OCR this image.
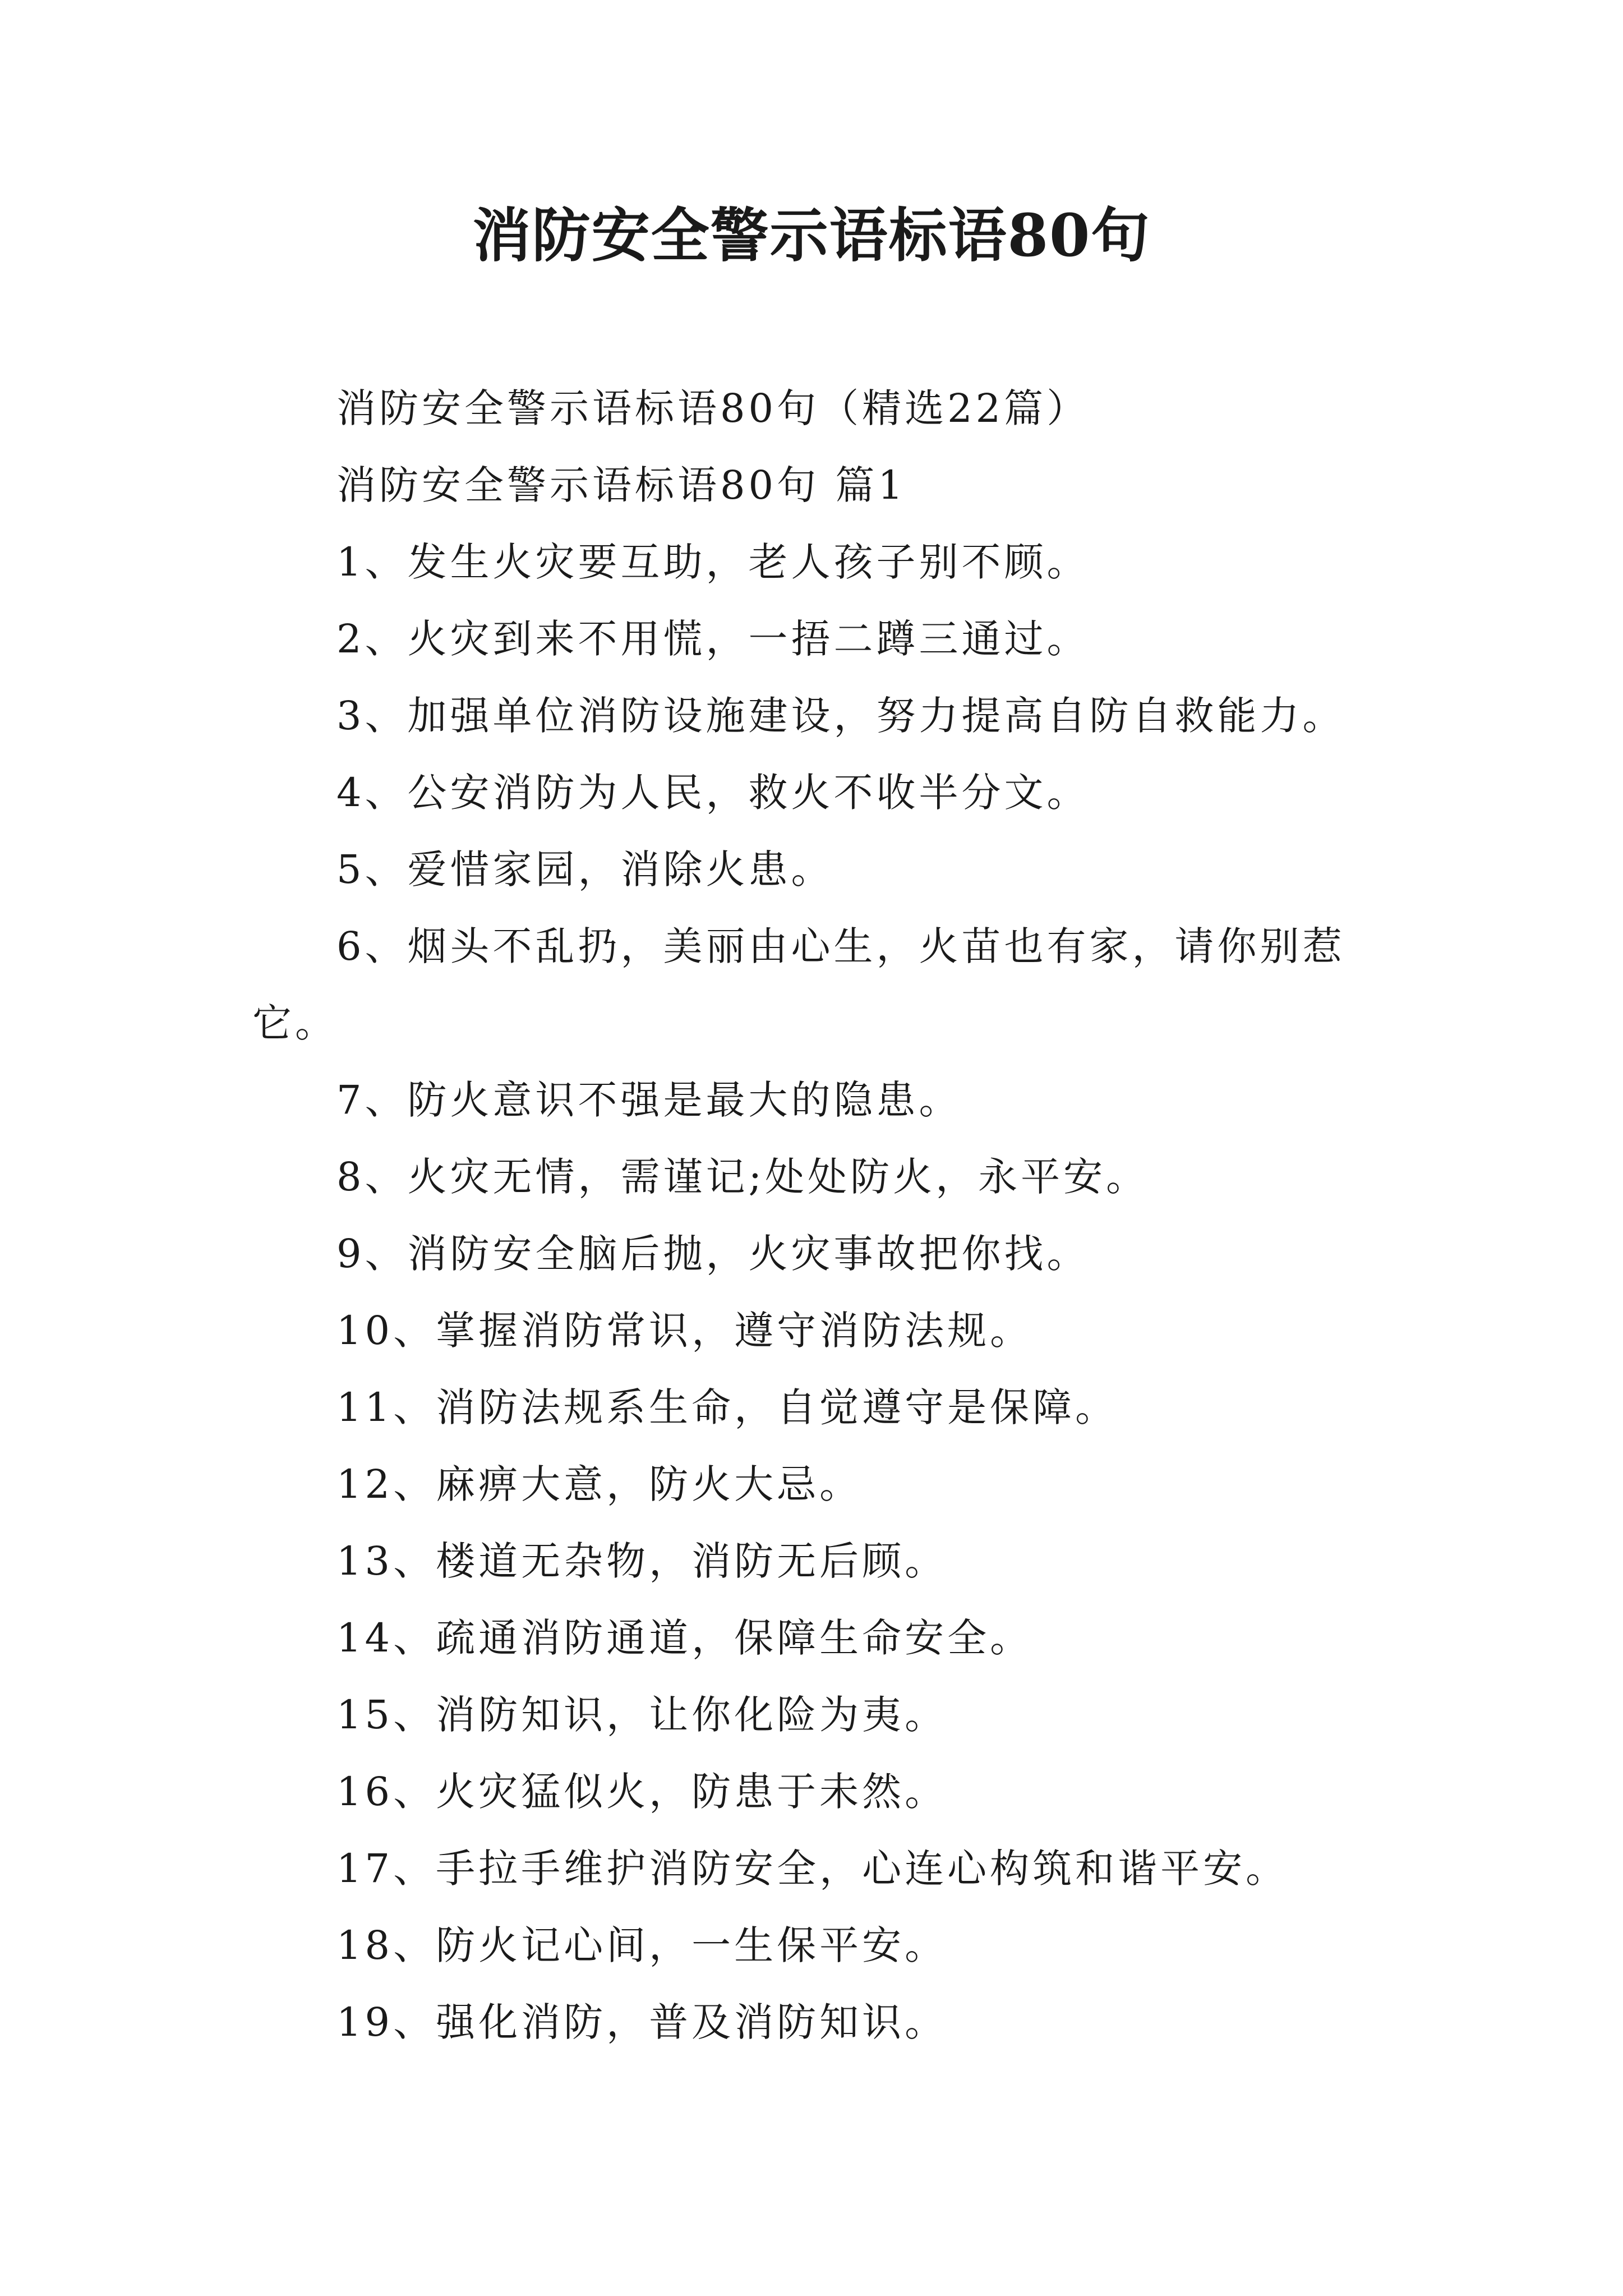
消防安全警示语标语80句
消防安全警示语标语80句（精选22篇）
消防安全警示语标语80句 篇1
1、发生火灾要互助，老人孩子别不顾。
2、火灾到来不用慌，一捂二蹲三通过。
3、加强单位消防设施建设，努力提高自防自救能力。
4、公安消防为人民，救火不收半分文。
5、爱惜家园，消除火患。
6、烟头不乱扔，美丽由心生，火苗也有家，请你别惹它。
7、防火意识不强是最大的隐患。
8、火灾无情，需谨记;处处防火，永平安。
9、消防安全脑后抛，火灾事故把你找。
10、掌握消防常识，遵守消防法规。
11、消防法规系生命，自觉遵守是保障。
12、麻痹大意，防火大忌。
13、楼道无杂物，消防无后顾。
14、疏通消防通道，保障生命安全。
15、消防知识，让你化险为夷。
16、火灾猛似火，防患于未然。
17、手拉手维护消防安全，心连心构筑和谐平安。
18、防火记心间，一生保平安。
19、强化消防，普及消防知识。
